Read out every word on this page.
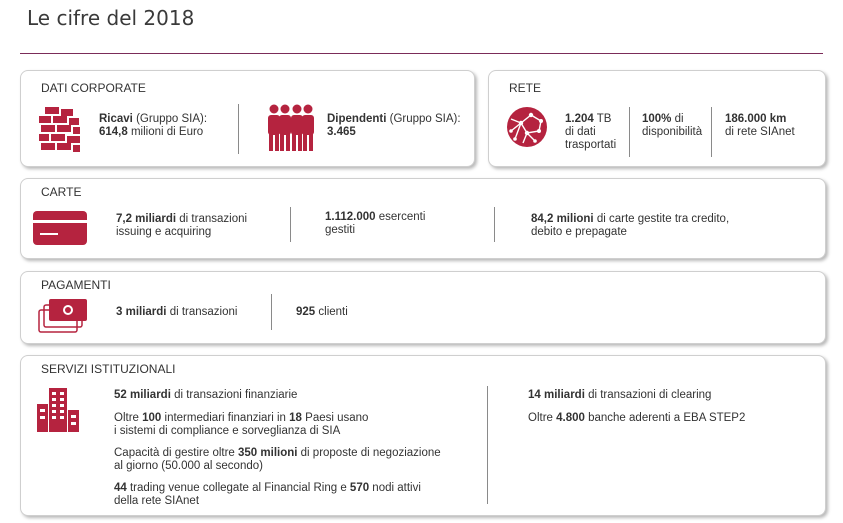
Le cifre del 2018
DATI CORPORATE
Ricavi (Gruppo SIA):
614,8 milioni di Euro
Dipendenti (Gruppo SIA):
3.465
RETE
1.204 TB
di dati
trasportati
100% di
disponibilità
186.000 km
di rete SIAnet
CARTE
7,2 miliardi di transazioni
issuing e acquiring
1.112.000 esercenti
gestiti
84,2 milioni di carte gestite tra credito,
debito e prepagate
PAGAMENTI
3 miliardi di transazioni	925 clienti
SERVIZI ISTITUZIONALI
52 miliardi di transazioni finanziarie
Oltre 100 intermediari finanziari in 18 Paesi usano
i sistemi di compliance e sorveglianza di SIA
Capacità di gestire oltre 350 milioni di proposte di negoziazione
al giorno (50.000 al secondo)
44 trading venue collegate al Financial Ring e 570 nodi attivi
della rete SIAnet
14 miliardi di transazioni di clearing
Oltre 4.800 banche aderenti a EBA STEP2
